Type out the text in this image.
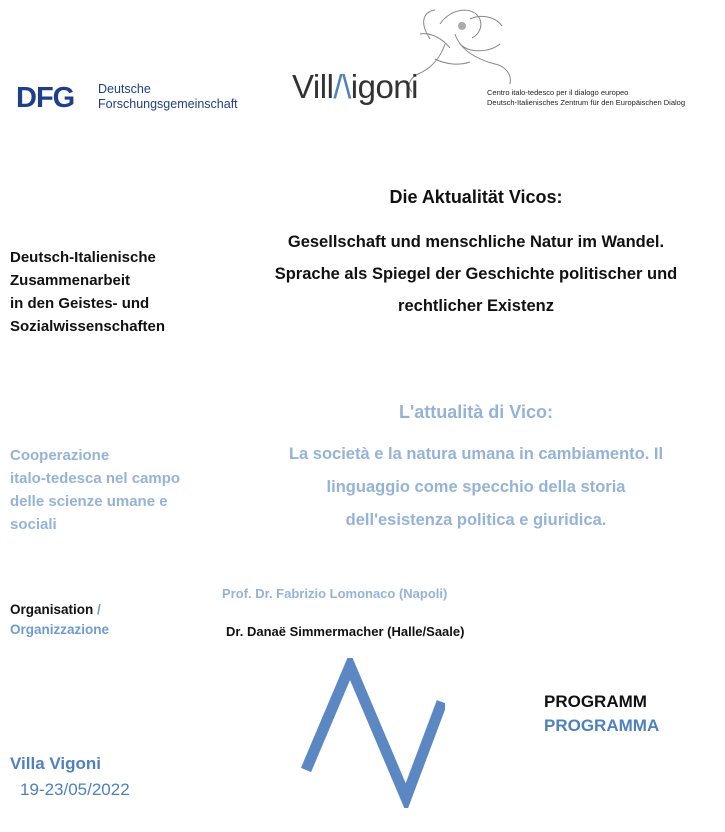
DFG Deutsche
Forschungsgemeinschaft Vill/\igoni	Centro italo-tedesco per il dialogo europeo
Deutsch-Italienisches Zentrum für den Europäischen Dialog
Die Aktualität Vicos:
Gesellschaft und menschliche Natur im Wandel.
Sprache als Spiegel der Geschichte politischer und
rechtlicher Existenz
Deutsch-Italienische
Zusammenarbeit
in den Geistes- und
Sozialwissenschaften
L'attualità di Vico:
La società e la natura umana in cambiamento. Il
linguaggio come specchio della storia
dell'esistenza politica e giuridica.
Cooperazione
italo-tedesca nel campo
delle scienze umane e
sociali
Organisation /
Organizzazione
Prof. Dr. Fabrizio Lomonaco (Napoli)
Dr. Danaë Simmermacher (Halle/Saale)
PROGRAMM
PROGRAMMA
Villa Vigoni
19-23/05/2022
